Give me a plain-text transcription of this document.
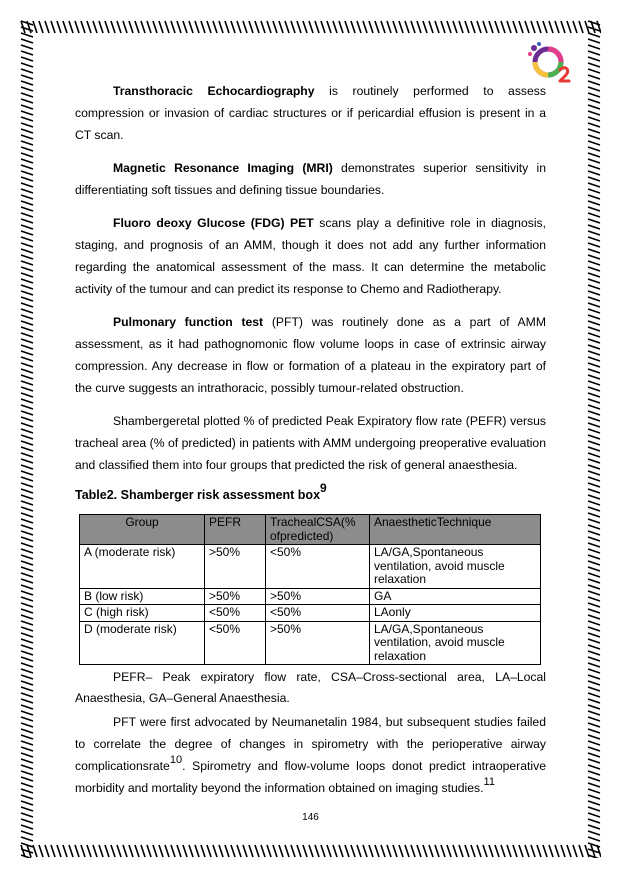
Transthoracic Echocardiography is routinely performed to assess compression or invasion of cardiac structures or if pericardial effusion is present in a CT scan.

Magnetic Resonance Imaging (MRI) demonstrates superior sensitivity in differentiating soft tissues and defining tissue boundaries.

Fluoro deoxy Glucose (FDG) PET scans play a definitive role in diagnosis, staging, and prognosis of an AMM, though it does not add any further information regarding the anatomical assessment of the mass. It can determine the metabolic activity of the tumour and can predict its response to Chemo and Radiotherapy.

Pulmonary function test (PFT) was routinely done as a part of AMM assessment, as it had pathognomonic flow volume loops in case of extrinsic airway compression. Any decrease in flow or formation of a plateau in the expiratory part of the curve suggests an intrathoracic, possibly tumour-related obstruction.

Shambergeretal plotted % of predicted Peak Expiratory flow rate (PEFR) versus tracheal area (% of predicted) in patients with AMM undergoing preoperative evaluation and classified them into four groups that predicted the risk of general anaesthesia.

Table2. Shamberger risk assessment box$^9$
Group	PEFR	TrachealCSA(% ofpredicted)	AnaestheticTechnique
A (moderate risk)	>50%	<50%	LA/GA,Spontaneous ventilation, avoid muscle relaxation
B (low risk)	>50%	>50%	GA
C (high risk)	<50%	<50%	LAonly
D (moderate risk)	<50%	>50%	LA/GA,Spontaneous ventilation, avoid muscle relaxation

PEFR– Peak expiratory flow rate, CSA–Cross-sectional area, LA–Local Anaesthesia, GA–General Anaesthesia.

PFT were first advocated by Neumanetalin 1984, but subsequent studies failed to correlate the degree of changes in spirometry with the perioperative airway complicationsrate$^{10}$. Spirometry and flow-volume loops donot predict intraoperative morbidity and mortality beyond the information obtained on imaging studies.$^{11}$

146
